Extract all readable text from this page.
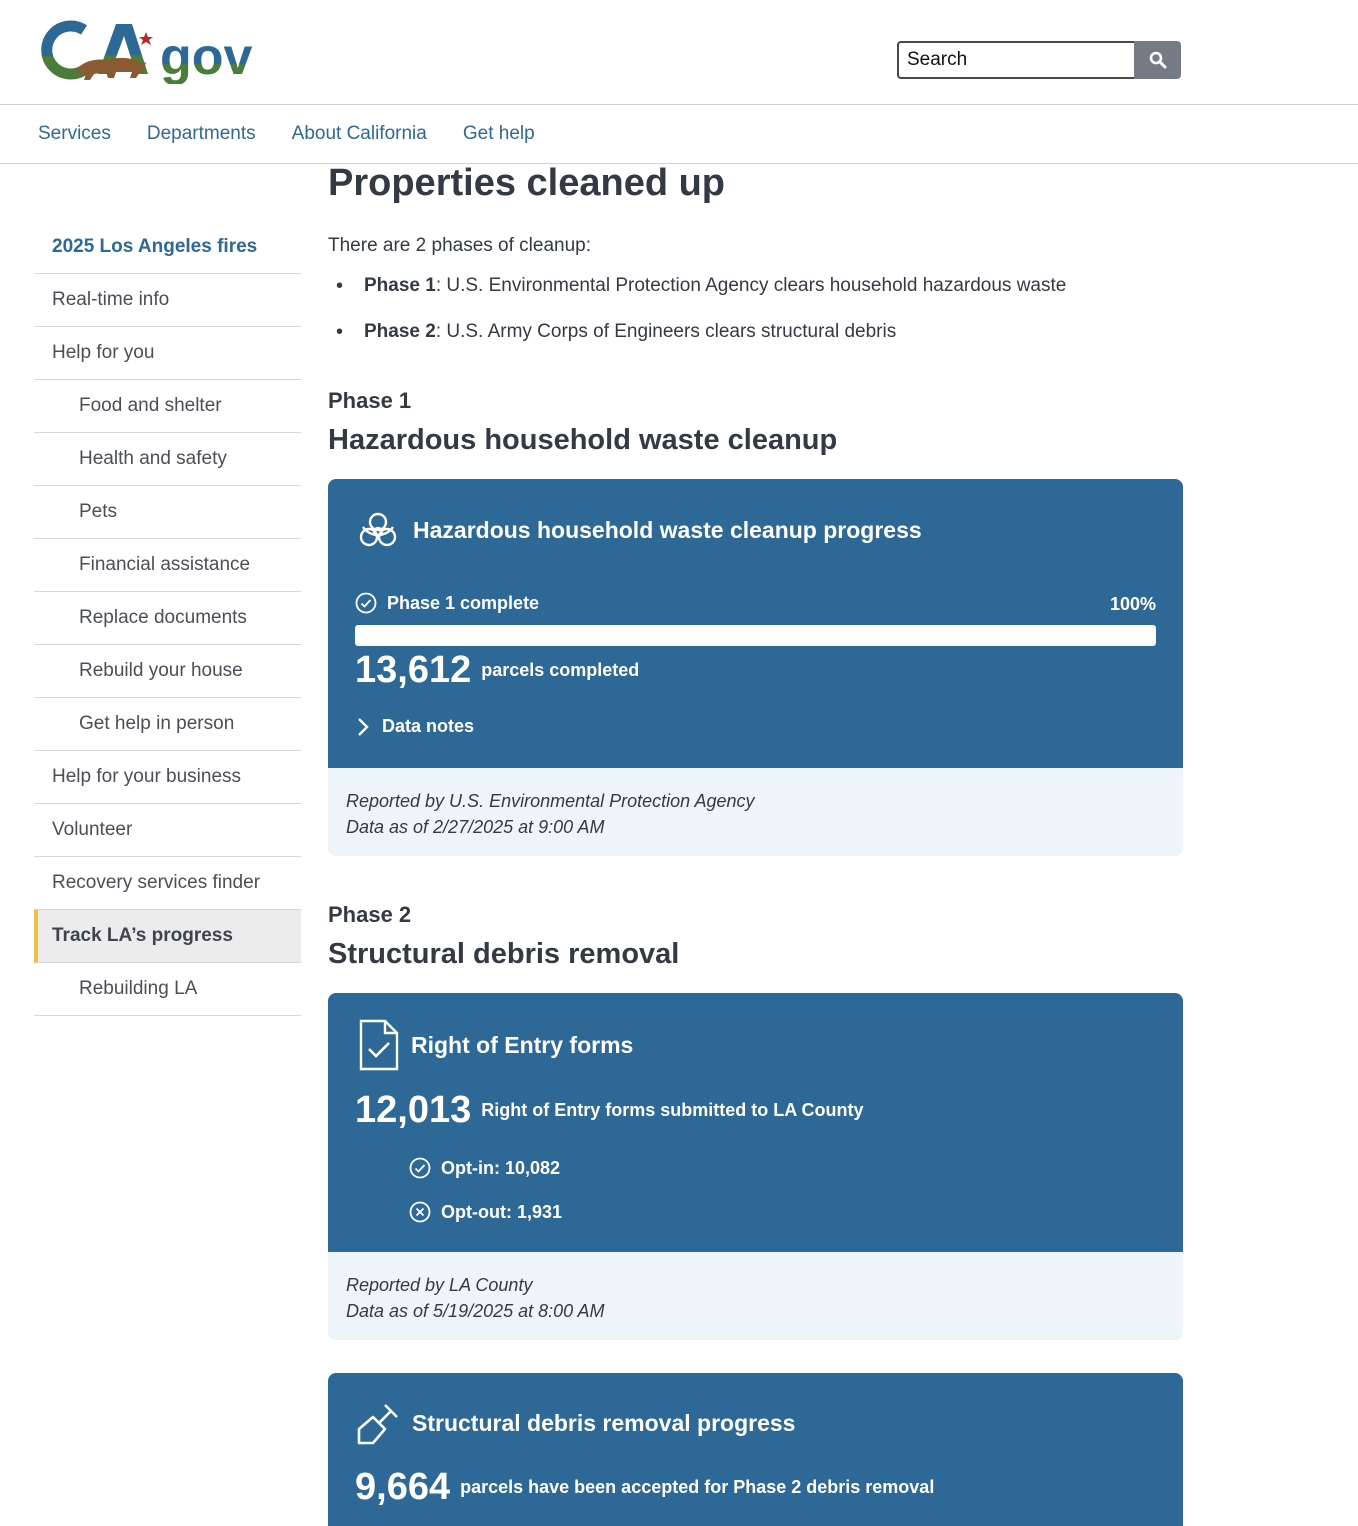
gov
Search
Services Departments About California Get help
2025 Los Angeles fires
Real-time info
Help for you
Food and shelter
Health and safety
Pets
Financial assistance
Replace documents
Rebuild your house
Get help in person
Help for your business
Volunteer
Recovery services finder
Track LA’s progress
Rebuilding LA
Properties cleaned up

There are 2 phases of cleanup:

• Phase 1: U.S. Environmental Protection Agency clears household hazardous waste
• Phase 2: U.S. Army Corps of Engineers clears structural debris
Phase 1
Hazardous household waste cleanup
Hazardous household waste cleanup progress
Phase 1 complete	100%
13,612 parcels completed
Data notes
Reported by U.S. Environmental Protection Agency
Data as of 2/27/2025 at 9:00 AM
Phase 2
Structural debris removal
Right of Entry forms
12,013 Right of Entry forms submitted to LA County
Opt-in: 10,082
Opt-out: 1,931
Reported by LA County
Data as of 5/19/2025 at 8:00 AM
Structural debris removal progress
9,664 parcels have been accepted for Phase 2 debris removal
